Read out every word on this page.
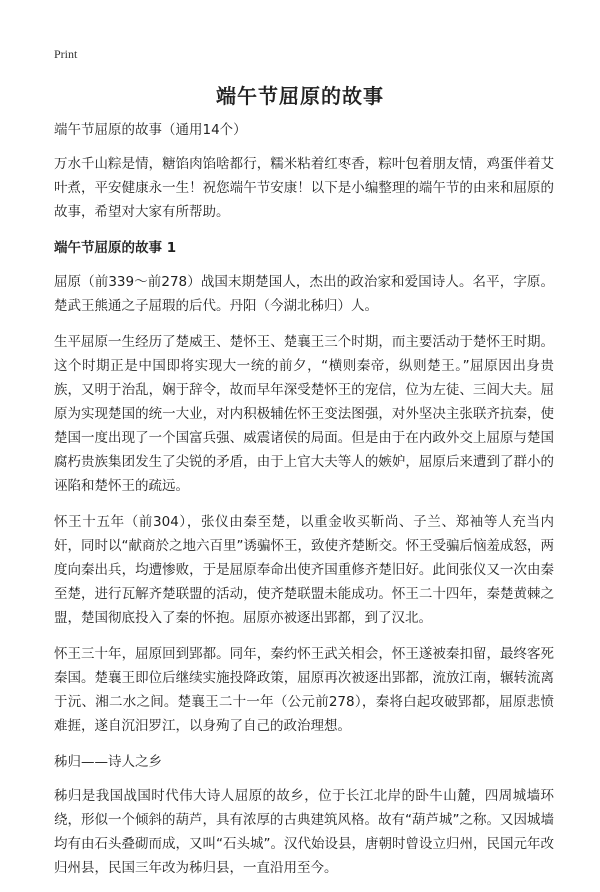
Print
端午节屈原的故事
端午节屈原的故事（通用14个）
万水千山粽是情，糖馅肉馅啥都行，糯米粘着红枣香，粽叶包着朋友情，鸡蛋伴着艾叶煮，平安健康永一生！祝您端午节安康！以下是小编整理的端午节的由来和屈原的故事，希望对大家有所帮助。
端午节屈原的故事 1
屈原（前339～前278）战国末期楚国人，杰出的政治家和爱国诗人。名平，字原。楚武王熊通之子屈瑕的后代。丹阳（今湖北秭归）人。
生平屈原一生经历了楚威王、楚怀王、楚襄王三个时期，而主要活动于楚怀王时期。这个时期正是中国即将实现大一统的前夕，“横则秦帝，纵则楚王。”屈原因出身贵族，又明于治乱，娴于辞令，故而早年深受楚怀王的宠信，位为左徒、三闾大夫。屈原为实现楚国的统一大业，对内积极辅佐怀王变法图强，对外坚决主张联齐抗秦，使楚国一度出现了一个国富兵强、威震诸侯的局面。但是由于在内政外交上屈原与楚国腐朽贵族集团发生了尖锐的矛盾，由于上官大夫等人的嫉妒，屈原后来遭到了群小的诬陷和楚怀王的疏远。
怀王十五年（前304），张仪由秦至楚，以重金收买靳尚、子兰、郑袖等人充当内奸，同时以“献商於之地六百里”诱骗怀王，致使齐楚断交。怀王受骗后恼羞成怒，两度向秦出兵，均遭惨败，于是屈原奉命出使齐国重修齐楚旧好。此间张仪又一次由秦至楚，进行瓦解齐楚联盟的活动，使齐楚联盟未能成功。怀王二十四年，秦楚黄棘之盟，楚国彻底投入了秦的怀抱。屈原亦被逐出郢都，到了汉北。
怀王三十年，屈原回到郢都。同年，秦约怀王武关相会，怀王遂被秦扣留，最终客死秦国。楚襄王即位后继续实施投降政策，屈原再次被逐出郢都，流放江南，辗转流离于沅、湘二水之间。楚襄王二十一年（公元前278），秦将白起攻破郢都，屈原悲愤难捱，遂自沉汨罗江，以身殉了自己的政治理想。
秭归——诗人之乡
秭归是我国战国时代伟大诗人屈原的故乡，位于长江北岸的卧牛山麓，四周城墙环绕，形似一个倾斜的葫芦，具有浓厚的古典建筑风格。故有“葫芦城”之称。又因城墙均有由石头叠砌而成，又叫“石头城”。汉代始设县，唐朝时曾设立归州，民国元年改归州县，民国三年改为秭归县，一直沿用至今。
